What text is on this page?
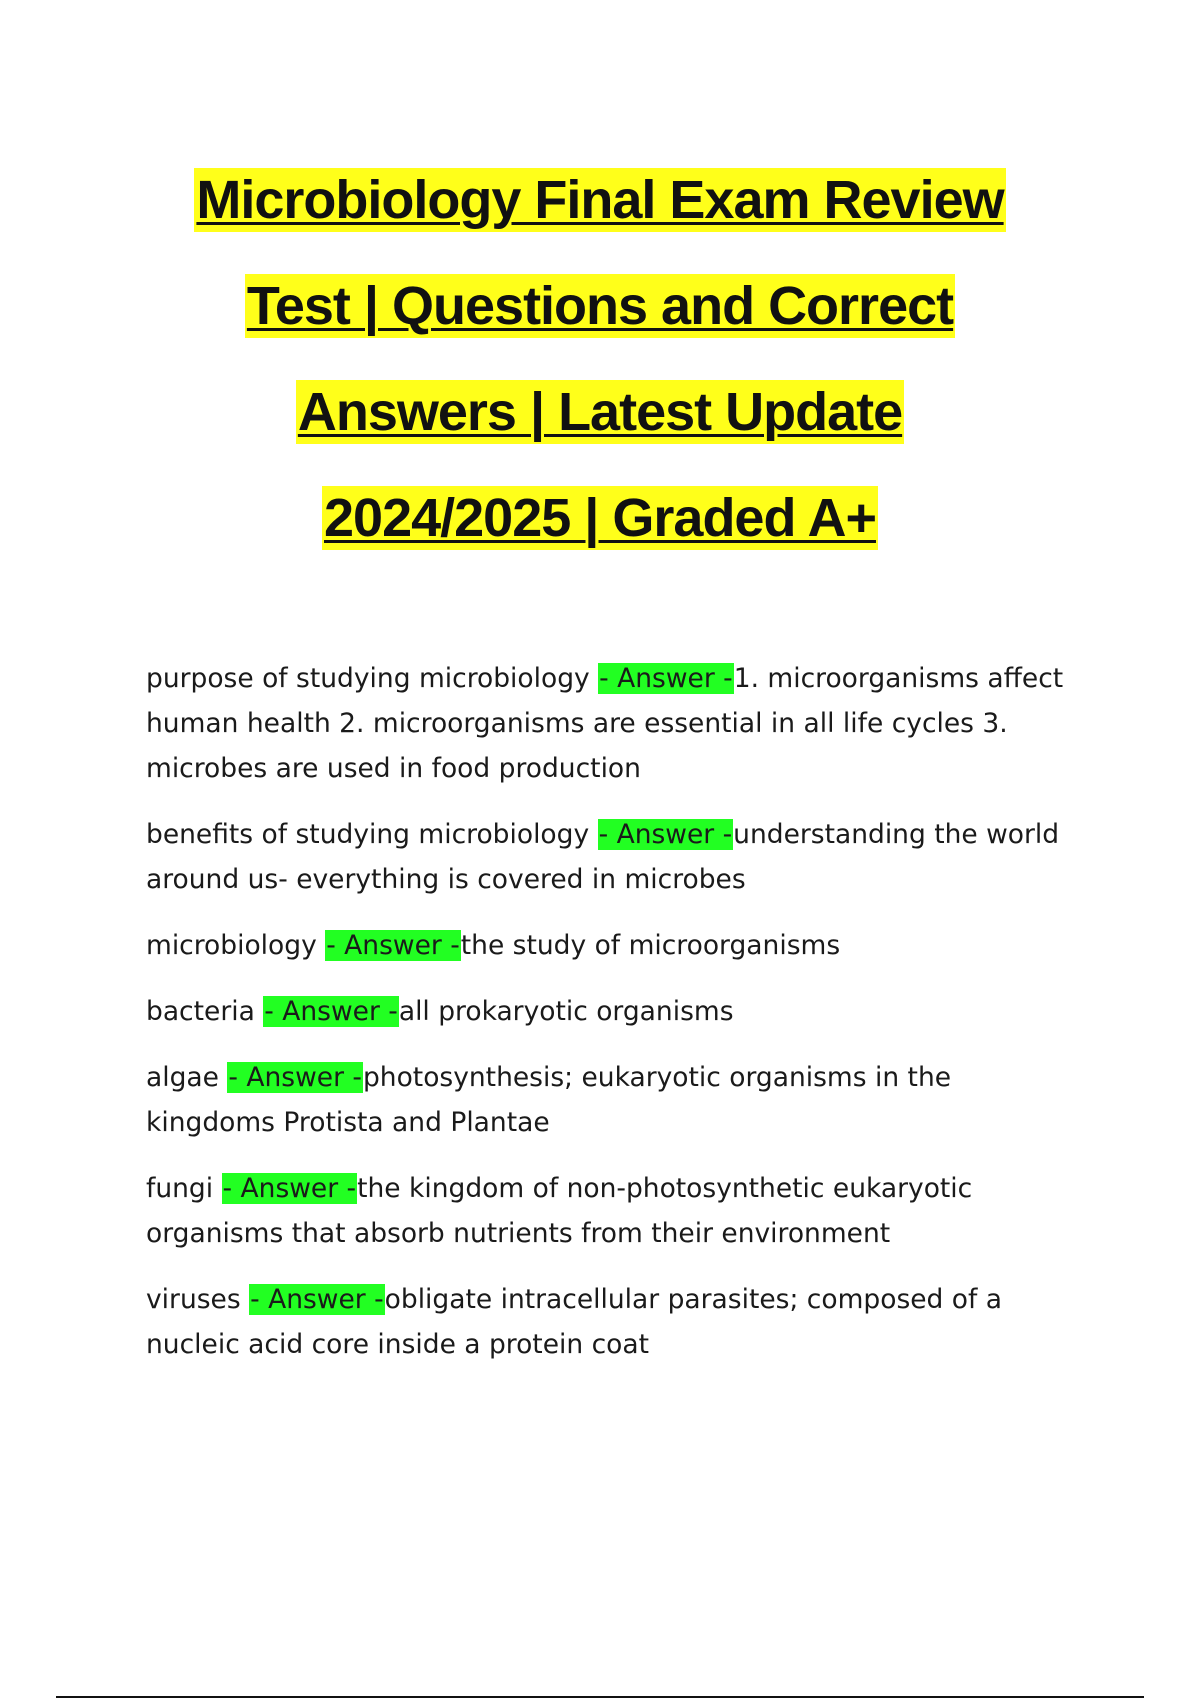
Microbiology Final Exam Review
Test | Questions and Correct
Answers | Latest Update
2024/2025 | Graded A+

purpose of studying microbiology - Answer -1. microorganisms affect human health 2. microorganisms are essential in all life cycles 3. microbes are used in food production

benefits of studying microbiology - Answer -understanding the world around us- everything is covered in microbes

microbiology - Answer -the study of microorganisms

bacteria - Answer -all prokaryotic organisms

algae - Answer -photosynthesis; eukaryotic organisms in the kingdoms Protista and Plantae

fungi - Answer -the kingdom of non-photosynthetic eukaryotic organisms that absorb nutrients from their environment

viruses - Answer -obligate intracellular parasites; composed of a nucleic acid core inside a protein coat
